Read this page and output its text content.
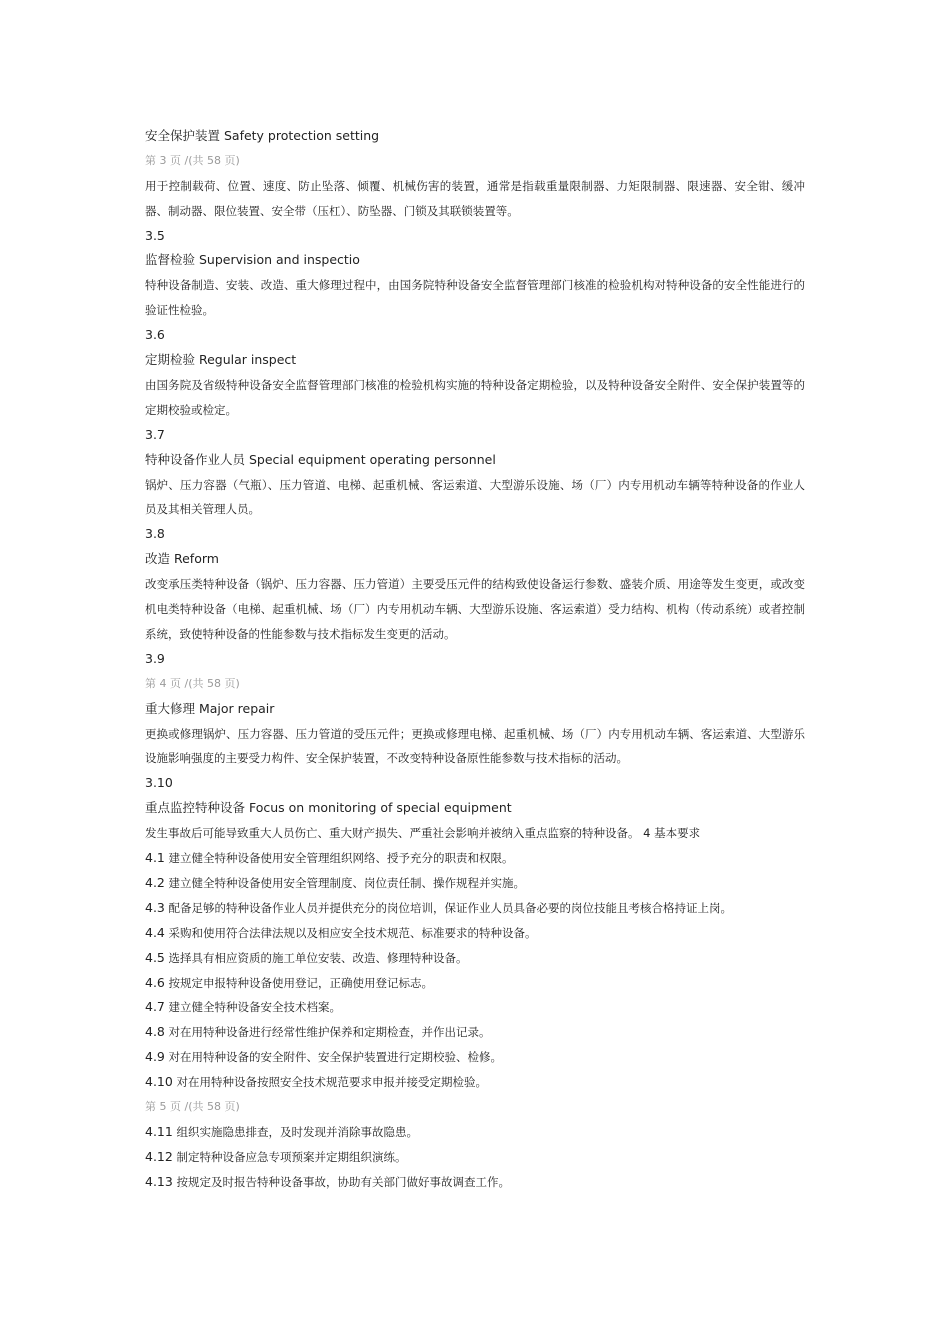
安全保护装置 Safety protection setting
第 3 页 /(共 58 页)
用于控制载荷、位置、速度、防止坠落、倾覆、机械伤害的装置，通常是指载重量限制器、力矩限制器、限速器、安全钳、缓冲器、制动器、限位装置、安全带（压杠）、防坠器、门锁及其联锁装置等。
3.5
监督检验 Supervision and inspectio
特种设备制造、安装、改造、重大修理过程中，由国务院特种设备安全监督管理部门核准的检验机构对特种设备的安全性能进行的验证性检验。
3.6
定期检验 Regular inspect
由国务院及省级特种设备安全监督管理部门核准的检验机构实施的特种设备定期检验，以及特种设备安全附件、安全保护装置等的定期校验或检定。
3.7
特种设备作业人员 Special equipment operating personnel
锅炉、压力容器（气瓶）、压力管道、电梯、起重机械、客运索道、大型游乐设施、场（厂）内专用机动车辆等特种设备的作业人员及其相关管理人员。
3.8
改造 Reform
改变承压类特种设备（锅炉、压力容器、压力管道）主要受压元件的结构致使设备运行参数、盛装介质、用途等发生变更，或改变机电类特种设备（电梯、起重机械、场（厂）内专用机动车辆、大型游乐设施、客运索道）受力结构、机构（传动系统）或者控制系统，致使特种设备的性能参数与技术指标发生变更的活动。
3.9
第 4 页 /(共 58 页)
重大修理 Major repair
更换或修理锅炉、压力容器、压力管道的受压元件；更换或修理电梯、起重机械、场（厂）内专用机动车辆、客运索道、大型游乐设施影响强度的主要受力构件、安全保护装置，不改变特种设备原性能参数与技术指标的活动。
3.10
重点监控特种设备 Focus on monitoring of special equipment
发生事故后可能导致重大人员伤亡、重大财产损失、严重社会影响并被纳入重点监察的特种设备。 4 基本要求
4.1 建立健全特种设备使用安全管理组织网络、授予充分的职责和权限。
4.2 建立健全特种设备使用安全管理制度、岗位责任制、操作规程并实施。
4.3 配备足够的特种设备作业人员并提供充分的岗位培训，保证作业人员具备必要的岗位技能且考核合格持证上岗。
4.4 采购和使用符合法律法规以及相应安全技术规范、标准要求的特种设备。
4.5 选择具有相应资质的施工单位安装、改造、修理特种设备。
4.6 按规定申报特种设备使用登记，正确使用登记标志。
4.7 建立健全特种设备安全技术档案。
4.8 对在用特种设备进行经常性维护保养和定期检查，并作出记录。
4.9 对在用特种设备的安全附件、安全保护装置进行定期校验、检修。
4.10 对在用特种设备按照安全技术规范要求申报并接受定期检验。
第 5 页 /(共 58 页)
4.11 组织实施隐患排查，及时发现并消除事故隐患。
4.12 制定特种设备应急专项预案并定期组织演练。
4.13 按规定及时报告特种设备事故，协助有关部门做好事故调查工作。
